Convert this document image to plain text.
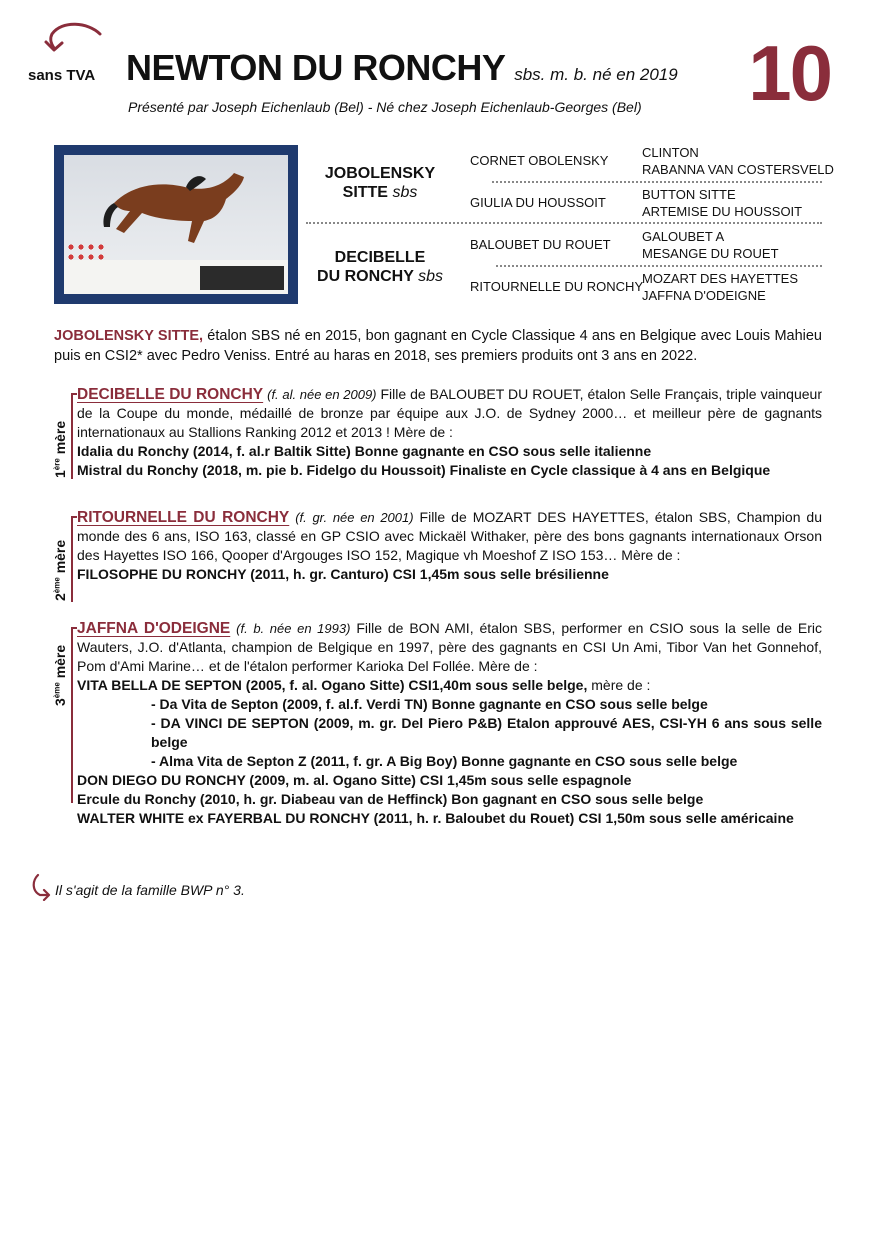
sans TVA NEWTON DU RONCHY sbs. m. b. né en 2019 10
Présenté par Joseph Eichenlaub (Bel) - Né chez Joseph Eichenlaub-Georges (Bel)
JOBOLENSKY
SITTE sbs
DECIBELLE
DU RONCHY sbs
CORNET OBOLENSKY
GIULIA DU HOUSSOIT
BALOUBET DU ROUET
RITOURNELLE DU RONCHY
CLINTON
RABANNA VAN COSTERSVELD
BUTTON SITTE
ARTEMISE DU HOUSSOIT
GALOUBET A
MESANGE DU ROUET
MOZART DES HAYETTES
JAFFNA D'ODEIGNE
JOBOLENSKY SITTE, étalon SBS né en 2015, bon gagnant en Cycle Classique 4 ans en Belgique avec Louis Mahieu puis en CSI2* avec Pedro Veniss. Entré au haras en 2018, ses premiers produits ont 3 ans en 2022.
1ère mère
DECIBELLE DU RONCHY (f. al. née en 2009) Fille de BALOUBET DU ROUET, étalon Selle Français, triple vainqueur de la Coupe du monde, médaillé de bronze par équipe aux J.O. de Sydney 2000… et meilleur père de gagnants internationaux au Stallions Ranking 2012 et 2013 ! Mère de :
Idalia du Ronchy (2014, f. al.r Baltik Sitte) Bonne gagnante en CSO sous selle italienne
Mistral du Ronchy (2018, m. pie b. Fidelgo du Houssoit) Finaliste en Cycle classique à 4 ans en Belgique
2ème mère
RITOURNELLE DU RONCHY (f. gr. née en 2001) Fille de MOZART DES HAYETTES, étalon SBS, Champion du monde des 6 ans, ISO 163, classé en GP CSIO avec Mickaël Withaker, père des bons gagnants internationaux Orson des Hayettes ISO 166, Qooper d'Argouges ISO 152, Magique vh Moeshof Z ISO 153… Mère de :
FILOSOPHE DU RONCHY (2011, h. gr. Canturo) CSI 1,45m sous selle brésilienne
3ème mère
JAFFNA D'ODEIGNE (f. b. née en 1993) Fille de BON AMI, étalon SBS, performer en CSIO sous la selle de Eric Wauters, J.O. d'Atlanta, champion de Belgique en 1997, père des gagnants en CSI Un Ami, Tibor Van het Gonnehof, Pom d'Ami Marine… et de l'étalon performer Karioka Del Follée. Mère de :
VITA BELLA DE SEPTON (2005, f. al. Ogano Sitte) CSI1,40m sous selle belge, mère de :
- Da Vita de Septon (2009, f. al.f. Verdi TN) Bonne gagnante en CSO sous selle belge
- DA VINCI DE SEPTON (2009, m. gr. Del Piero P&B) Etalon approuvé AES, CSI-YH 6 ans sous selle belge
- Alma Vita de Septon Z (2011, f. gr. A Big Boy) Bonne gagnante en CSO sous selle belge
DON DIEGO DU RONCHY (2009, m. al. Ogano Sitte) CSI 1,45m sous selle espagnole
Ercule du Ronchy (2010, h. gr. Diabeau van de Heffinck) Bon gagnant en CSO sous selle belge
WALTER WHITE ex FAYERBAL DU RONCHY (2011, h. r. Baloubet du Rouet) CSI 1,50m sous selle américaine
Il s'agit de la famille BWP n° 3.
